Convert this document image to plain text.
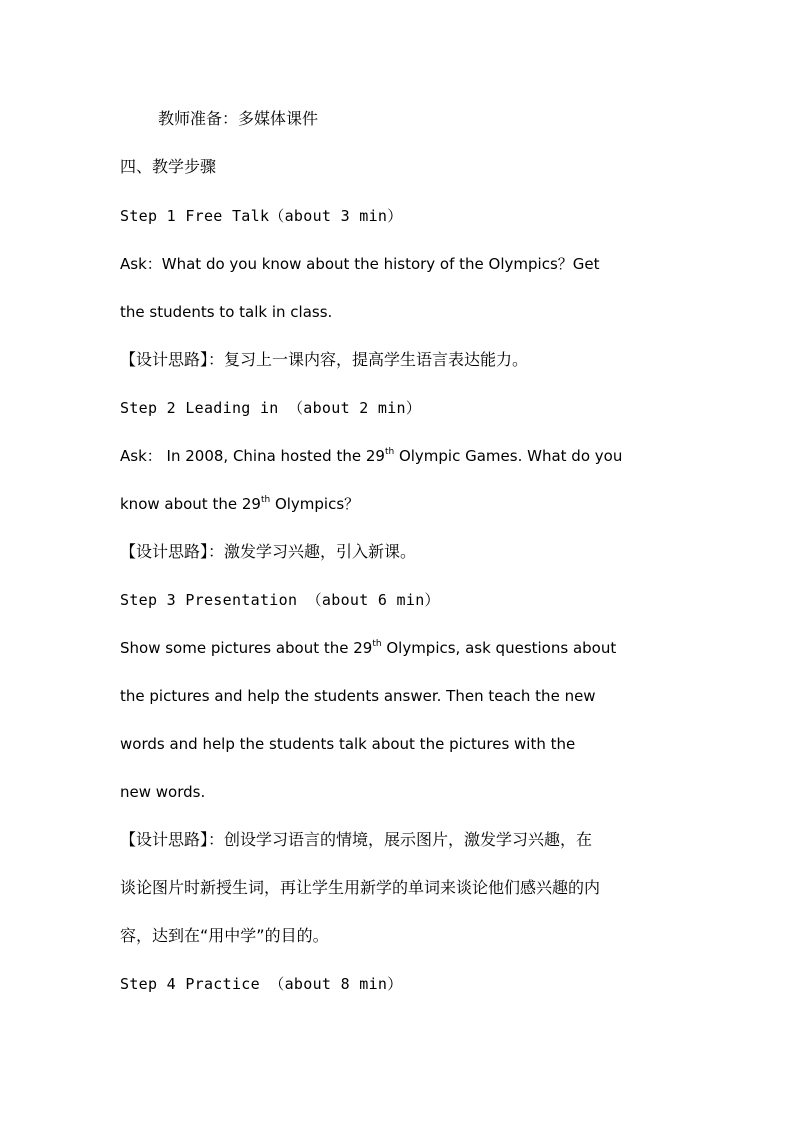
教师准备：多媒体课件
四、教学步骤
Step 1 Free Talk（about 3 min）
Ask：What do you know about the history of the Olympics？Get
the students to talk in class.
【设计思路】：复习上一课内容，提高学生语言表达能力。
Step 2 Leading in （about 2 min）
Ask： In 2008, China hosted the 29th Olympic Games. What do you
know about the 29th Olympics？
【设计思路】：激发学习兴趣，引入新课。
Step 3 Presentation （about 6 min）
Show some pictures about the 29th Olympics, ask questions about
the pictures and help the students answer. Then teach the new
words and help the students talk about the pictures with the
new words.
【设计思路】：创设学习语言的情境，展示图片，激发学习兴趣，在
谈论图片时新授生词，再让学生用新学的单词来谈论他们感兴趣的内
容，达到在“用中学”的目的。
Step 4 Practice （about 8 min）
